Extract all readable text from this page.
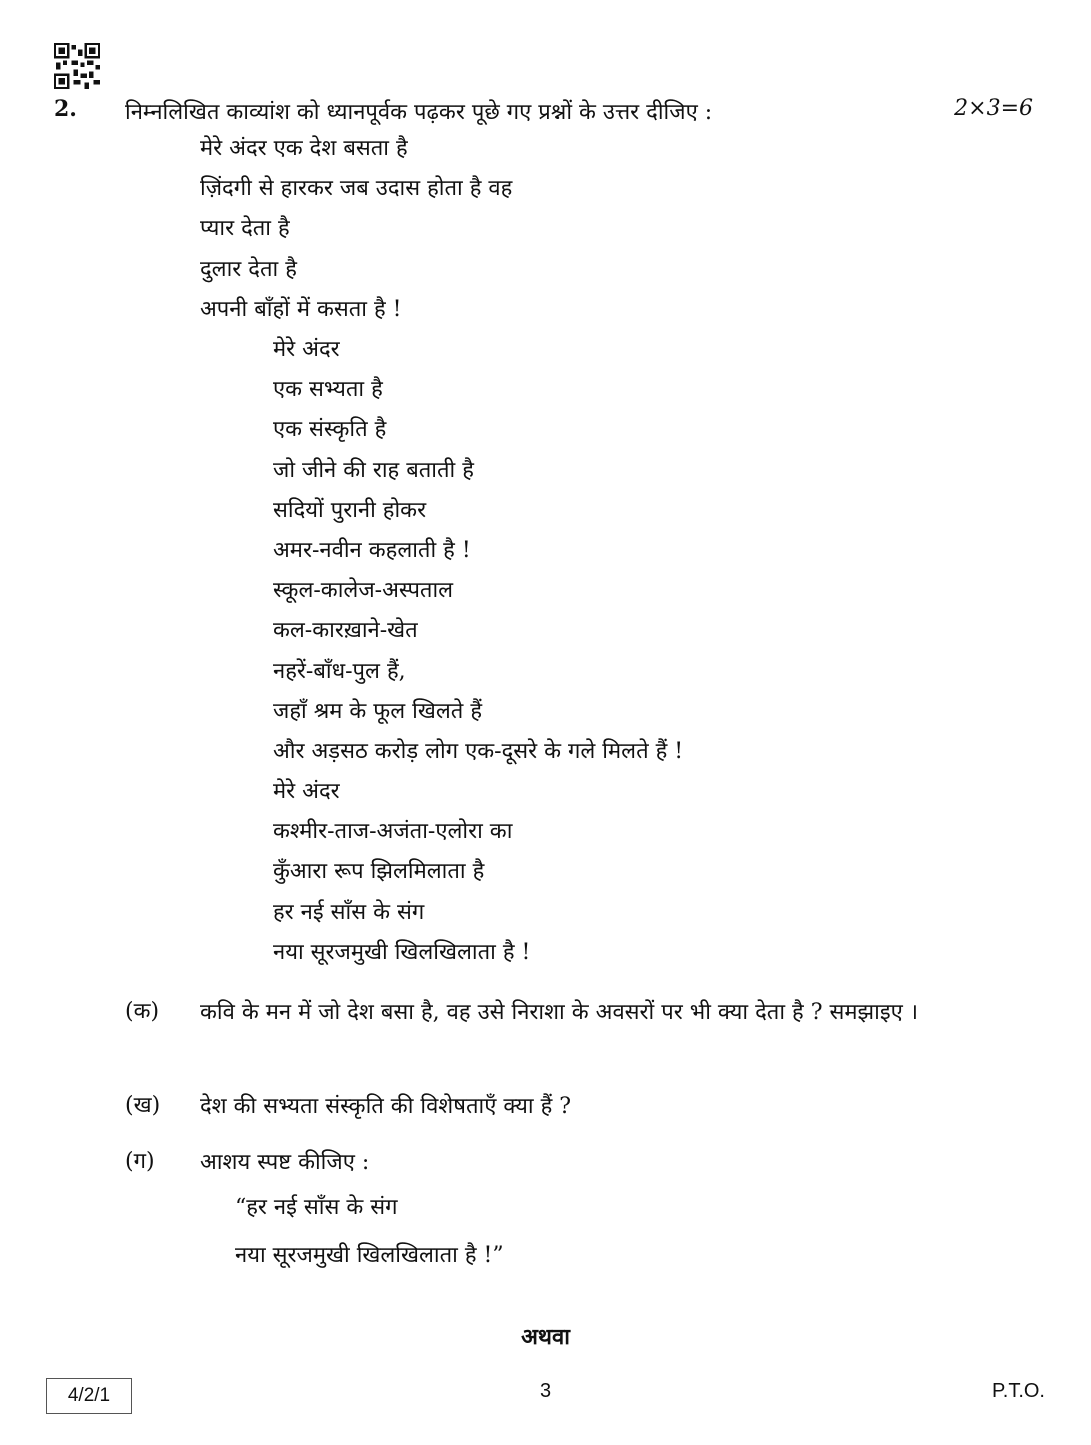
2. निम्नलिखित काव्यांश को ध्यानपूर्वक पढ़कर पूछे गए प्रश्नों के उत्तर दीजिए :	2×3=6
मेरे अंदर एक देश बसता है
ज़िंदगी से हारकर जब उदास होता है वह
प्यार देता है
दुलार देता है
अपनी बाँहों में कसता है !
मेरे अंदर
एक सभ्यता है
एक संस्कृति है
जो जीने की राह बताती है
सदियों पुरानी होकर
अमर-नवीन कहलाती है !
स्कूल-कालेज-अस्पताल
कल-कारख़ाने-खेत
नहरें-बाँध-पुल हैं,
जहाँ श्रम के फूल खिलते हैं
और अड़सठ करोड़ लोग एक-दूसरे के गले मिलते हैं !
मेरे अंदर
कश्मीर-ताज-अजंता-एलोरा का
कुँआरा रूप झिलमिलाता है
हर नई साँस के संग
नया सूरजमुखी खिलखिलाता है !
(क) कवि के मन में जो देश बसा है, वह उसे निराशा के अवसरों पर भी क्या देता है ? समझाइए ।
(ख) देश की सभ्यता संस्कृति की विशेषताएँ क्या हैं ?
(ग) आशय स्पष्ट कीजिए :
“हर नई साँस के संग
नया सूरजमुखी खिलखिलाता है !”
अथवा
4/2/1	3	P.T.O.
